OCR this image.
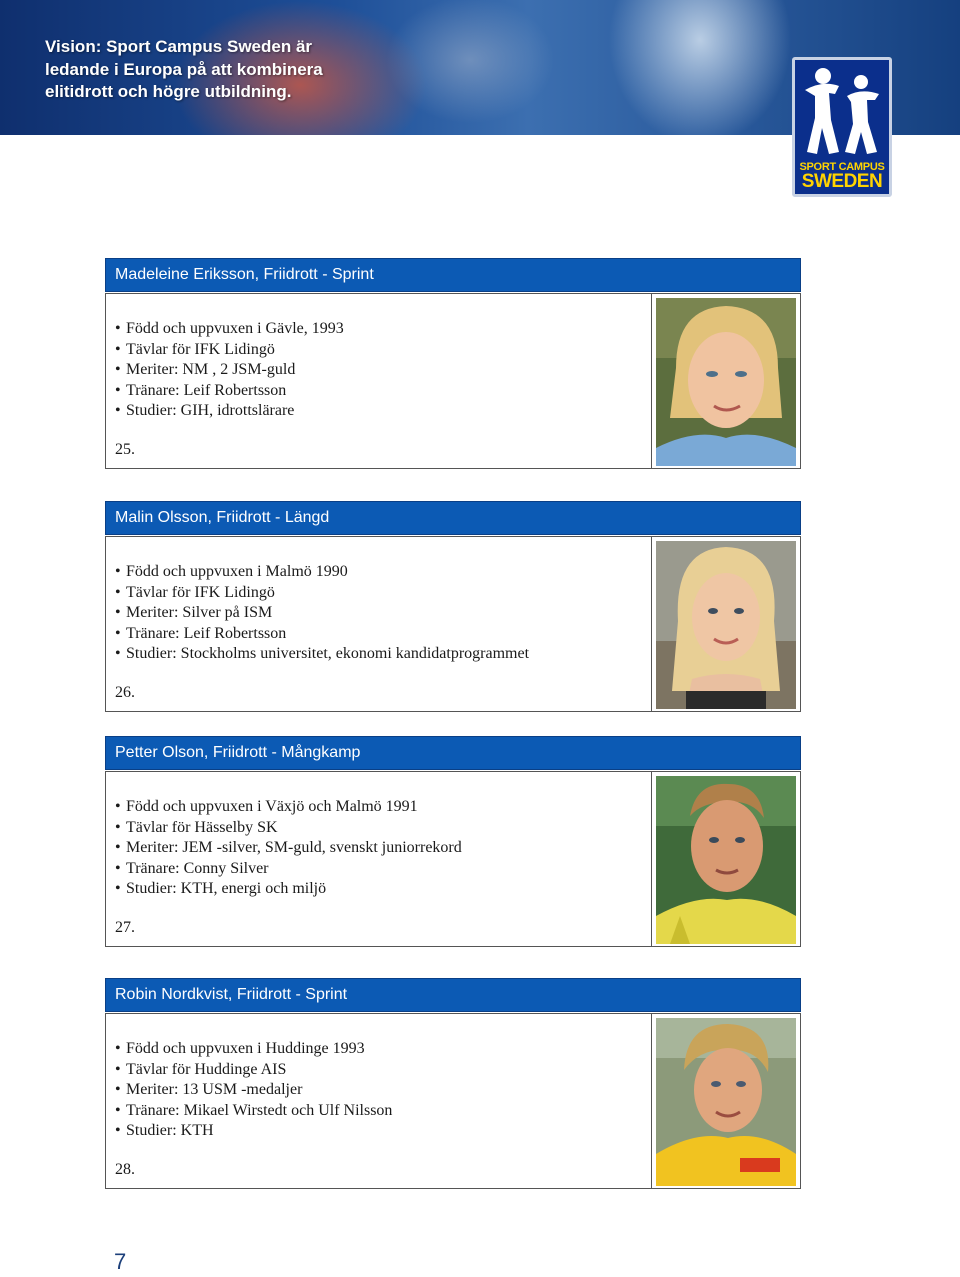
Vision: Sport Campus Sweden är
ledande i Europa på att kombinera
elitidrott och högre utbildning.
SPORT CAMPUS
SWEDEN
Madeleine Eriksson, Friidrott - Sprint
• Född och uppvuxen i Gävle, 1993
• Tävlar för IFK Lidingö
• Meriter: NM , 2 JSM-guld
• Tränare: Leif Robertsson
• Studier: GIH, idrottslärare
25.
Malin Olsson, Friidrott - Längd
• Född och uppvuxen i Malmö 1990
• Tävlar för IFK Lidingö
• Meriter: Silver på ISM
• Tränare: Leif Robertsson
• Studier: Stockholms universitet, ekonomi kandidatprogrammet
26.
Petter Olson, Friidrott - Mångkamp
• Född och uppvuxen i Växjö och Malmö 1991
• Tävlar för Hässelby SK
• Meriter: JEM -silver, SM-guld, svenskt juniorrekord
• Tränare: Conny Silver
• Studier: KTH, energi och miljö
27.
Robin Nordkvist, Friidrott - Sprint
• Född och uppvuxen i Huddinge 1993
• Tävlar för Huddinge AIS
• Meriter: 13 USM -medaljer
• Tränare: Mikael Wirstedt och Ulf Nilsson
• Studier: KTH
28.
7
